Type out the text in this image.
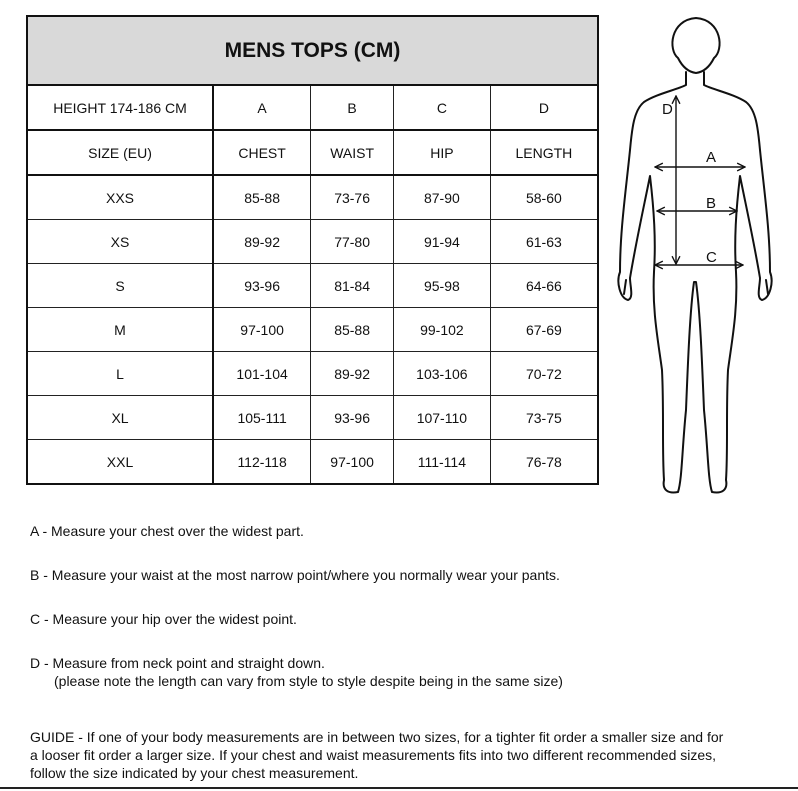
MENS TOPS (CM)				
HEIGHT 174-186 CM	A	B	C	D
SIZE (EU)	CHEST	WAIST	HIP	LENGTH
XXS	85-88	73-76	87-90	58-60
XS	89-92	77-80	91-94	61-63
S	93-96	81-84	95-98	64-66
M	97-100	85-88	99-102	67-69
L	101-104	89-92	103-106	70-72
XL	105-111	93-96	107-110	73-75
XXL	112-118	97-100	111-114	76-78
A
B
C
D

A - Measure your chest over the widest part.

B - Measure your waist at the most narrow point/where you normally wear your pants.

C - Measure your hip over the widest point.

D - Measure from neck point and straight down.
(please note the length can vary from style to style despite being in the same size)

GUIDE - If one of your body measurements are in between two sizes, for a tighter fit order a smaller size and for a looser fit order a larger size. If your chest and waist measurements fits into two different recommended sizes, follow the size indicated by your chest measurement.
